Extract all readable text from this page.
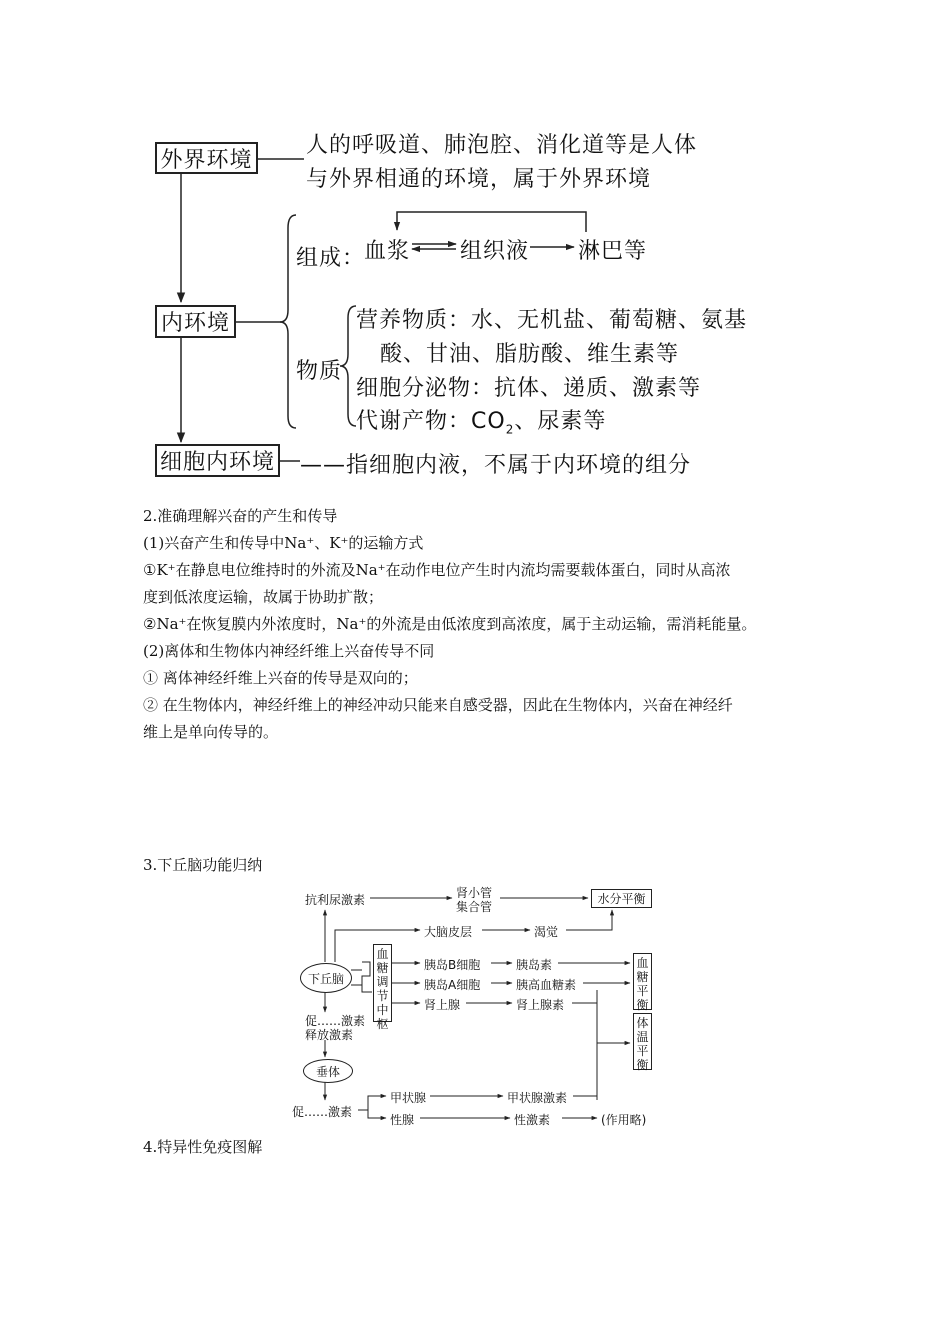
外界环境
人的呼吸道、肺泡腔、消化道等是人体
与外界相通的环境，属于外界环境
内环境
组成：
血浆 组织液 淋巴等
物质
营养物质：水、无机盐、葡萄糖、氨基
酸、甘油、脂肪酸、维生素等
细胞分泌物：抗体、递质、激素等
代谢产物：$CO_2$、尿素等
细胞内环境 ——指细胞内液，不属于内环境的组分
2.准确理解兴奋的产生和传导
(1)兴奋产生和传导中Na⁺、K⁺的运输方式
①K⁺在静息电位维持时的外流及Na⁺在动作电位产生时内流均需要载体蛋白，同时从高浓
度到低浓度运输，故属于协助扩散；
②Na⁺在恢复膜内外浓度时，Na⁺的外流是由低浓度到高浓度，属于主动运输，需消耗能量。
(2)离体和生物体内神经纤维上兴奋传导不同
① 离体神经纤维上兴奋的传导是双向的；
② 在生物体内，神经纤维上的神经冲动只能来自感受器，因此在生物体内，兴奋在神经纤
维上是单向传导的。
3.下丘脑功能归纳
抗利尿激素	肾小管
集合管
水分平衡
大脑皮层	渴觉
下丘脑
血糖调节中枢
胰岛B细胞	胰岛素
胰岛A细胞	胰高血糖素
肾上腺	肾上腺素
血糖平衡
体温平衡
促……激素
释放激素
垂体
促……激素
甲状腺	甲状腺激素
性腺	性激素	(作用略)
4.特异性免疫图解
